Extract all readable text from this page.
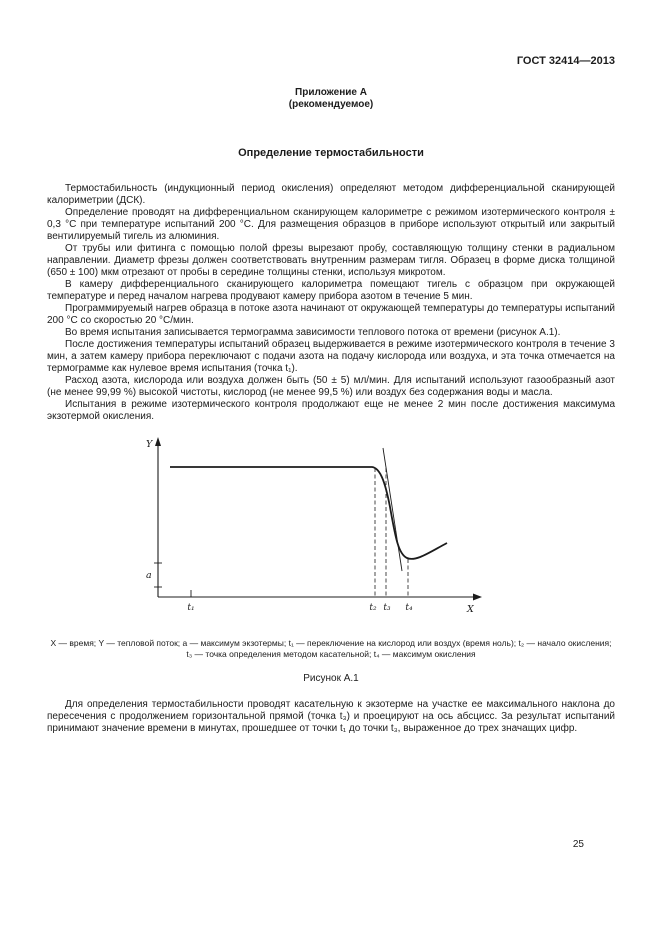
ГОСТ 32414—2013
Приложение А
(рекомендуемое)
Определение термостабильности

Термостабильность (индукционный период окисления) определяют методом дифференциальной сканирующей калориметрии (ДСК).

Определение проводят на дифференциальном сканирующем калориметре с режимом изотермического контроля ± 0,3 °С при температуре испытаний 200 °С. Для размещения образцов в приборе используют открытый или закрытый вентилируемый тигель из алюминия.

От трубы или фитинга с помощью полой фрезы вырезают пробу, составляющую толщину стенки в радиальном направлении. Диаметр фрезы должен соответствовать внутренним размерам тигля. Образец в форме диска толщиной (650 ± 100) мкм отрезают от пробы в середине толщины стенки, используя микротом.

В камеру дифференциального сканирующего калориметра помещают тигель с образцом при окружающей температуре и перед началом нагрева продувают камеру прибора азотом в течение 5 мин.

Программируемый нагрев образца в потоке азота начинают от окружающей температуры до температуры испытаний 200 °С со скоростью 20 °С/мин.

Во время испытания записывается термограмма зависимости теплового потока от времени (рисунок А.1).

После достижения температуры испытаний образец выдерживается в режиме изотермического контроля в течение 3 мин, а затем камеру прибора переключают с подачи азота на подачу кислорода или воздуха, и эта точка отмечается на термограмме как нулевое время испытания (точка t₁).

Расход азота, кислорода или воздуха должен быть (50 ± 5) мл/мин. Для испытаний используют газообразный азот (не менее 99,99 %) высокой чистоты, кислород (не менее 99,5 %) или воздух без содержания воды и масла.

Испытания в режиме изотермического контроля продолжают еще не менее 2 мин после достижения максимума экзотермой окисления.

Y
X
a
t₁	t₂ t₃ t₄
X — время; Y — тепловой поток; a — максимум экзотермы; t₁ — переключение на кислород или воздух (время ноль); t₂ — начало окисления; t₃ — точка определения методом касательной; t₄ — максимум окисления
Рисунок А.1

Для определения термостабильности проводят касательную к экзотерме на участке ее максимального наклона до пересечения с продолжением горизонтальной прямой (точка t₃) и проецируют на ось абсцисс. За результат испытаний принимают значение времени в минутах, прошедшее от точки t₁ до точки t₃, выраженное до трех значащих цифр.

25
